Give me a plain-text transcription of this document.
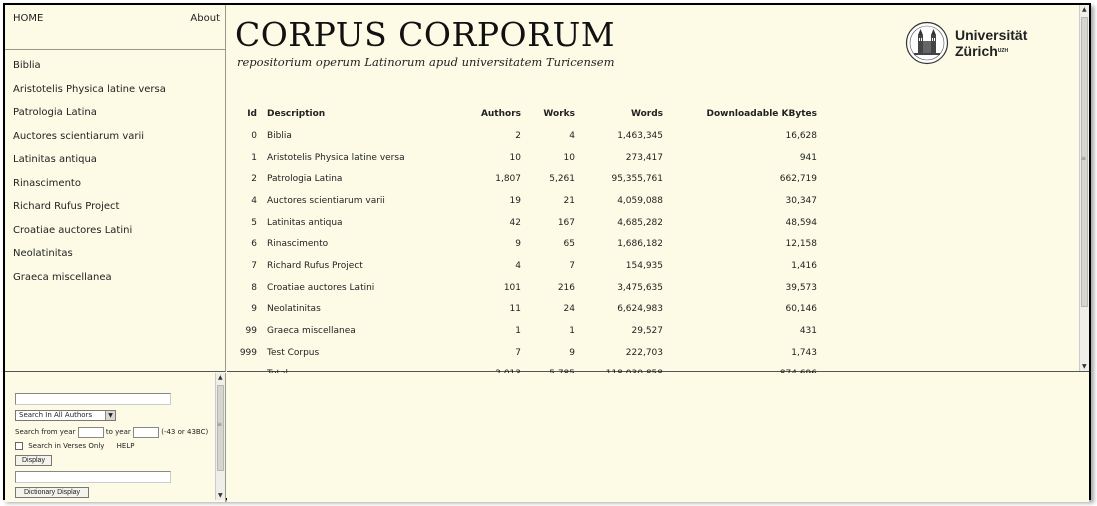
HOME	About
Biblia
Aristotelis Physica latine versa
Patrologia Latina
Auctores scientiarum varii
Latinitas antiqua
Rinascimento
Richard Rufus Project
Croatiae auctores Latini
Neolatinitas
Graeca miscellanea
Search In All Authors	▼
Search from year	to year	(-43 or 43BC)
Search in Verses Only HELP
Display
Dictionary Display
▲
≡
▼
CORPUS CORPORUM
repositorium operum Latinorum apud universitatem Turicensem
Universität
Zürich$^{UZH}$
Id	Description	Authors	Works	Words	Downloadable KBytes
0	Biblia	2	4	1,463,345	16,628
1	Aristotelis Physica latine versa	10	10	273,417	941
2	Patrologia Latina	1,807	5,261	95,355,761	662,719
4	Auctores scientiarum varii	19	21	4,059,088	30,347
5	Latinitas antiqua	42	167	4,685,282	48,594
6	Rinascimento	9	65	1,686,182	12,158
7	Richard Rufus Project	4	7	154,935	1,416
8	Croatiae auctores Latini	101	216	3,475,635	39,573
9	Neolatinitas	11	24	6,624,983	60,146
99	Graeca miscellanea	1	1	29,527	431
999	Test Corpus	7	9	222,703	1,743

▲
≡
▼
